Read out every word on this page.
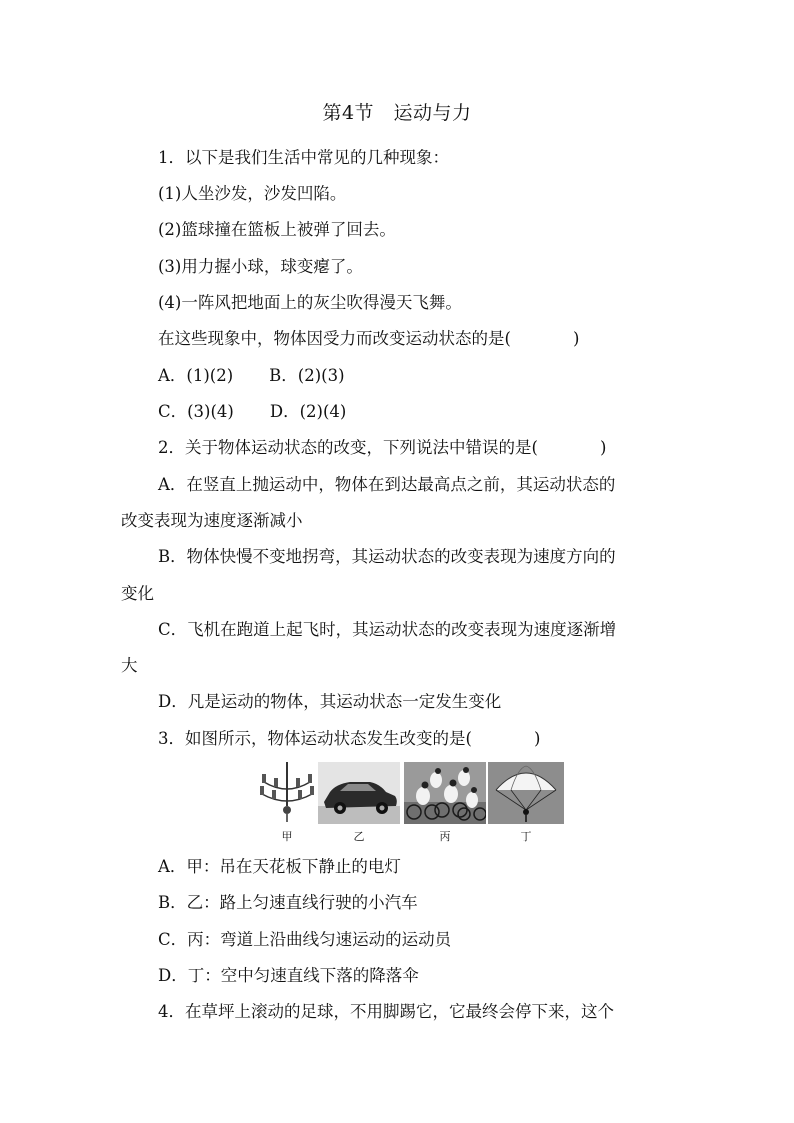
第4节　运动与力
1．以下是我们生活中常见的几种现象：
(1)人坐沙发，沙发凹陷。
(2)篮球撞在篮板上被弹了回去。
(3)用力握小球，球变瘪了。
(4)一阵风把地面上的灰尘吹得漫天飞舞。
在这些现象中，物体因受力而改变运动状态的是(	)
A．(1)(2) B．(2)(3)
C．(3)(4) D．(2)(4)
2．关于物体运动状态的改变，下列说法中错误的是(	)
A．在竖直上抛运动中，物体在到达最高点之前，其运动状态的
改变表现为速度逐渐减小
B．物体快慢不变地拐弯，其运动状态的改变表现为速度方向的
变化
C．飞机在跑道上起飞时，其运动状态的改变表现为速度逐渐增
大
D．凡是运动的物体，其运动状态一定发生变化
3．如图所示，物体运动状态发生改变的是(	)
甲	乙	丙	丁
A．甲：吊在天花板下静止的电灯
B．乙：路上匀速直线行驶的小汽车
C．丙：弯道上沿曲线匀速运动的运动员
D．丁：空中匀速直线下落的降落伞
4．在草坪上滚动的足球，不用脚踢它，它最终会停下来，这个
